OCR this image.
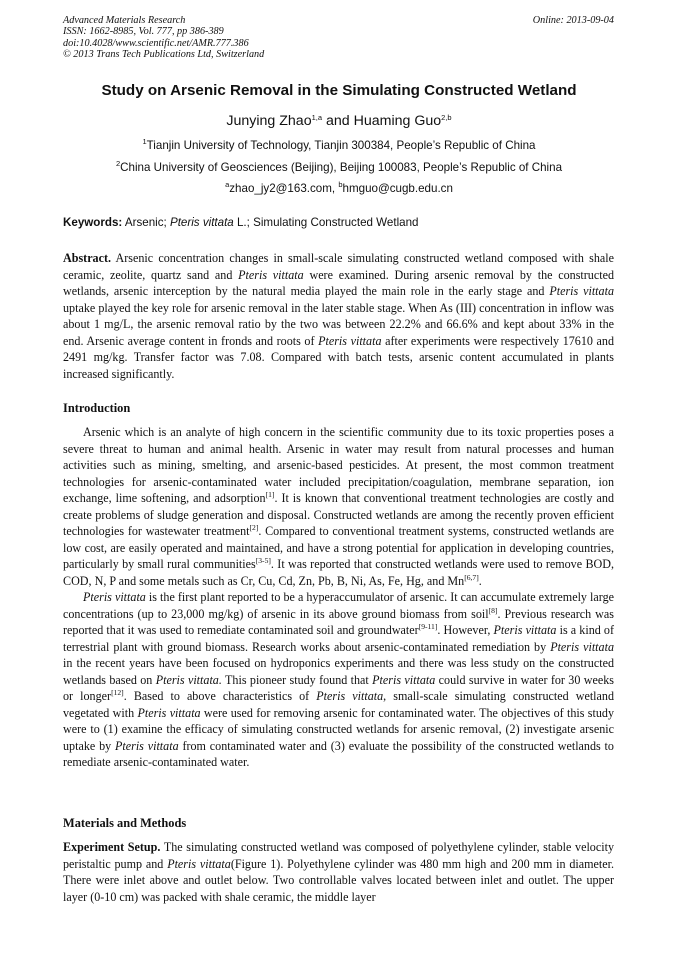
Advanced Materials Research
ISSN: 1662-8985, Vol. 777, pp 386-389
doi:10.4028/www.scientific.net/AMR.777.386
© 2013 Trans Tech Publications Ltd, Switzerland
Online: 2013-09-04
Study on Arsenic Removal in the Simulating Constructed Wetland
Junying Zhao$^{1,a}$ and Huaming Guo$^{2,b}$
$^1$Tianjin University of Technology, Tianjin 300384, People’s Republic of China
$^2$China University of Geosciences (Beijing), Beijing 100083, People’s Republic of China
$^a$zhao_jy2@163.com, $^b$hmguo@cugb.edu.cn
Keywords: Arsenic; Pteris vittata L.; Simulating Constructed Wetland

Abstract. Arsenic concentration changes in small-scale simulating constructed wetland composed with shale ceramic, zeolite, quartz sand and Pteris vittata were examined. During arsenic removal by the constructed wetlands, arsenic interception by the natural media played the main role in the early stage and Pteris vittata uptake played the key role for arsenic removal in the later stable stage. When As (III) concentration in inflow was about 1 mg/L, the arsenic removal ratio by the two was between 22.2% and 66.6% and kept about 33% in the end. Arsenic average content in fronds and roots of Pteris vittata after experiments were respectively 17610 and 2491 mg/kg. Transfer factor was 7.08. Compared with batch tests, arsenic content accumulated in plants increased significantly.

Introduction

Arsenic which is an analyte of high concern in the scientific community due to its toxic properties poses a severe threat to human and animal health. Arsenic in water may result from natural processes and human activities such as mining, smelting, and arsenic-based pesticides. At present, the most common treatment technologies for arsenic-contaminated water included precipitation/coagulation, membrane separation, ion exchange, lime softening, and adsorption[1]. It is known that conventional treatment technologies are costly and create problems of sludge generation and disposal. Constructed wetlands are among the recently proven efficient technologies for wastewater treatment[2]. Compared to conventional treatment systems, constructed wetlands are low cost, are easily operated and maintained, and have a strong potential for application in developing countries, particularly by small rural communities[3-5]. It was reported that constructed wetlands were used to remove BOD, COD, N, P and some metals such as Cr, Cu, Cd, Zn, Pb, B, Ni, As, Fe, Hg, and Mn[6,7].

Pteris vittata is the first plant reported to be a hyperaccumulator of arsenic. It can accumulate extremely large concentrations (up to 23,000 mg/kg) of arsenic in its above ground biomass from soil[8]. Previous research was reported that it was used to remediate contaminated soil and groundwater[9-11]. However, Pteris vittata is a kind of terrestrial plant with ground biomass. Research works about arsenic-contaminated remediation by Pteris vittata in the recent years have been focused on hydroponics experiments and there was less study on the constructed wetlands based on Pteris vittata. This pioneer study found that Pteris vittata could survive in water for 30 weeks or longer[12]. Based to above characteristics of Pteris vittata, small-scale simulating constructed wetland vegetated with Pteris vittata were used for removing arsenic for contaminated water. The objectives of this study were to (1) examine the efficacy of simulating constructed wetlands for arsenic removal, (2) investigate arsenic uptake by Pteris vittata from contaminated water and (3) evaluate the possibility of the constructed wetlands to remediate arsenic-contaminated water.

Materials and Methods

Experiment Setup. The simulating constructed wetland was composed of polyethylene cylinder, stable velocity peristaltic pump and Pteris vittata(Figure 1). Polyethylene cylinder was 480 mm high and 200 mm in diameter. There were inlet above and outlet below. Two controllable valves located between inlet and outlet. The upper layer (0-10 cm) was packed with shale ceramic, the middle layer
